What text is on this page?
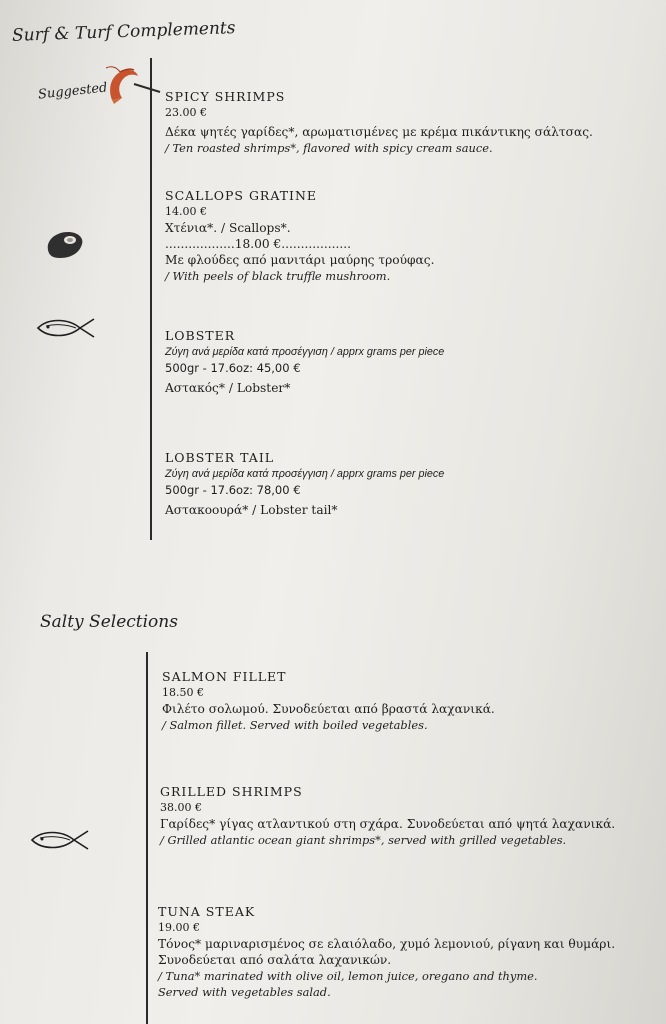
Surf & Turf Complements
Suggested	SPICY SHRIMPS
23.00 €
Δέκα ψητές γαρίδες*, αρωματισμένες με κρέμα πικάντικης σάλτσας.
/ Ten roasted shrimps*, flavored with spicy cream sauce.
SCALLOPS GRATINE
14.00 €
Χτένια*. / Scallops*.
..................18.00 €..................
Με φλούδες από μανιτάρι μαύρης τρούφας.
/ With peels of black truffle mushroom.
LOBSTER
Ζύγη ανά μερίδα κατά προσέγγιση / apprx grams per piece
500gr - 17.6oz: 45,00 €
Αστακός* / Lobster*
LOBSTER TAIL
Ζύγη ανά μερίδα κατά προσέγγιση / apprx grams per piece
500gr - 17.6oz: 78,00 €
Αστακοουρά* / Lobster tail*
Salty Selections
SALMON FILLET
18.50 €
Φιλέτο σολωμού. Συνοδεύεται από βραστά λαχανικά.
/ Salmon fillet. Served with boiled vegetables.
GRILLED SHRIMPS
38.00 €
Γαρίδες* γίγας ατλαντικού στη σχάρα. Συνοδεύεται από ψητά λαχανικά.
/ Grilled atlantic ocean giant shrimps*, served with grilled vegetables.
TUNA STEAK
19.00 €
Τόνος* μαριναρισμένος σε ελαιόλαδο, χυμό λεμονιού, ρίγανη και θυμάρι.
Συνοδεύεται από σαλάτα λαχανικών.
/ Tuna* marinated with olive oil, lemon juice, oregano and thyme.
Served with vegetables salad.
